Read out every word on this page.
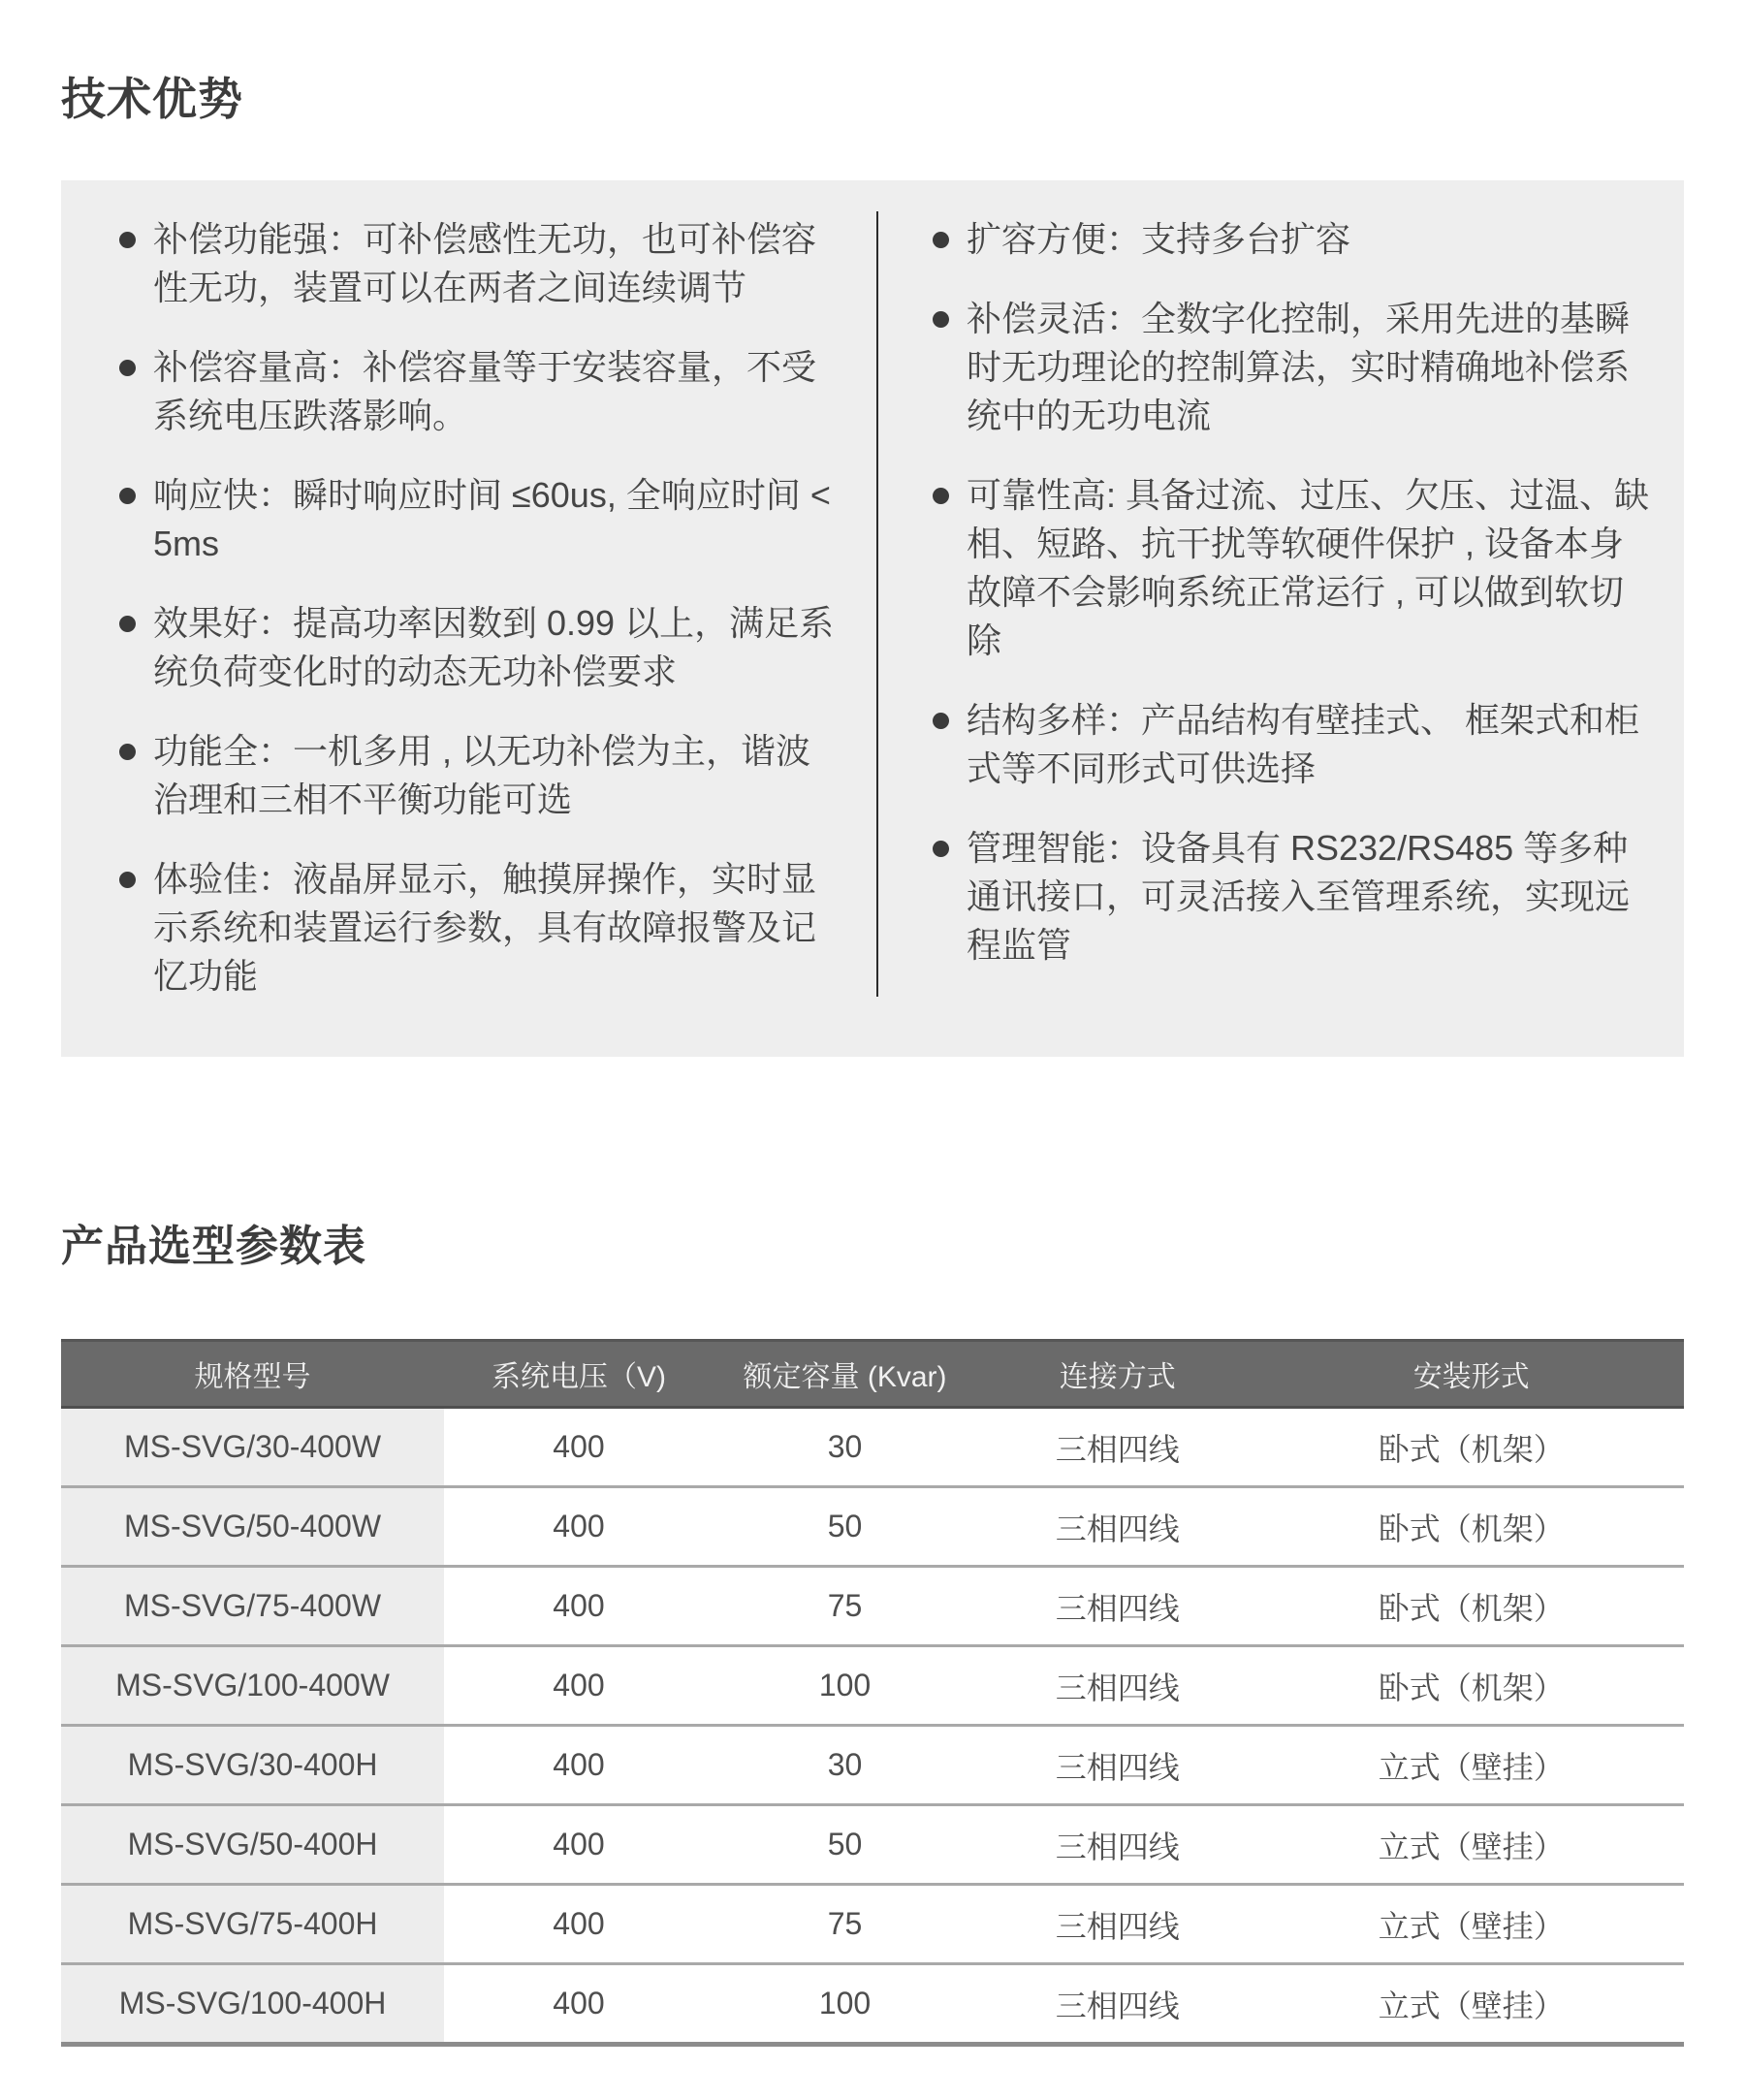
技术优势
补偿功能强：可补偿感性无功，也可补偿容性无功，装置可以在两者之间连续调节
补偿容量高：补偿容量等于安装容量，不受系统电压跌落影响。
响应快：瞬时响应时间 ≤60us, 全响应时间 < 5ms
效果好：提高功率因数到 0.99 以上，满足系统负荷变化时的动态无功补偿要求
功能全：一机多用 , 以无功补偿为主，谐波治理和三相不平衡功能可选
体验佳：液晶屏显示，触摸屏操作，实时显示系统和装置运行参数，具有故障报警及记忆功能
扩容方便：支持多台扩容
补偿灵活：全数字化控制，采用先进的基瞬时无功理论的控制算法，实时精确地补偿系统中的无功电流
可靠性高: 具备过流、过压、欠压、过温、缺相、短路、抗干扰等软硬件保护 , 设备本身故障不会影响系统正常运行 , 可以做到软切除
结构多样：产品结构有壁挂式、 框架式和柜式等不同形式可供选择
管理智能：设备具有 RS232/RS485 等多种通讯接口，可灵活接入至管理系统，实现远程监管
产品选型参数表
规格型号	系统电压（V)	额定容量 (Kvar)	连接方式	安装形式
MS-SVG/30-400W	400	30	三相四线	卧式（机架）
MS-SVG/50-400W	400	50	三相四线	卧式（机架）
MS-SVG/75-400W	400	75	三相四线	卧式（机架）
MS-SVG/100-400W	400	100	三相四线	卧式（机架）
MS-SVG/30-400H	400	30	三相四线	立式（壁挂）
MS-SVG/50-400H	400	50	三相四线	立式（壁挂）
MS-SVG/75-400H	400	75	三相四线	立式（壁挂）
MS-SVG/100-400H	400	100	三相四线	立式（壁挂）
